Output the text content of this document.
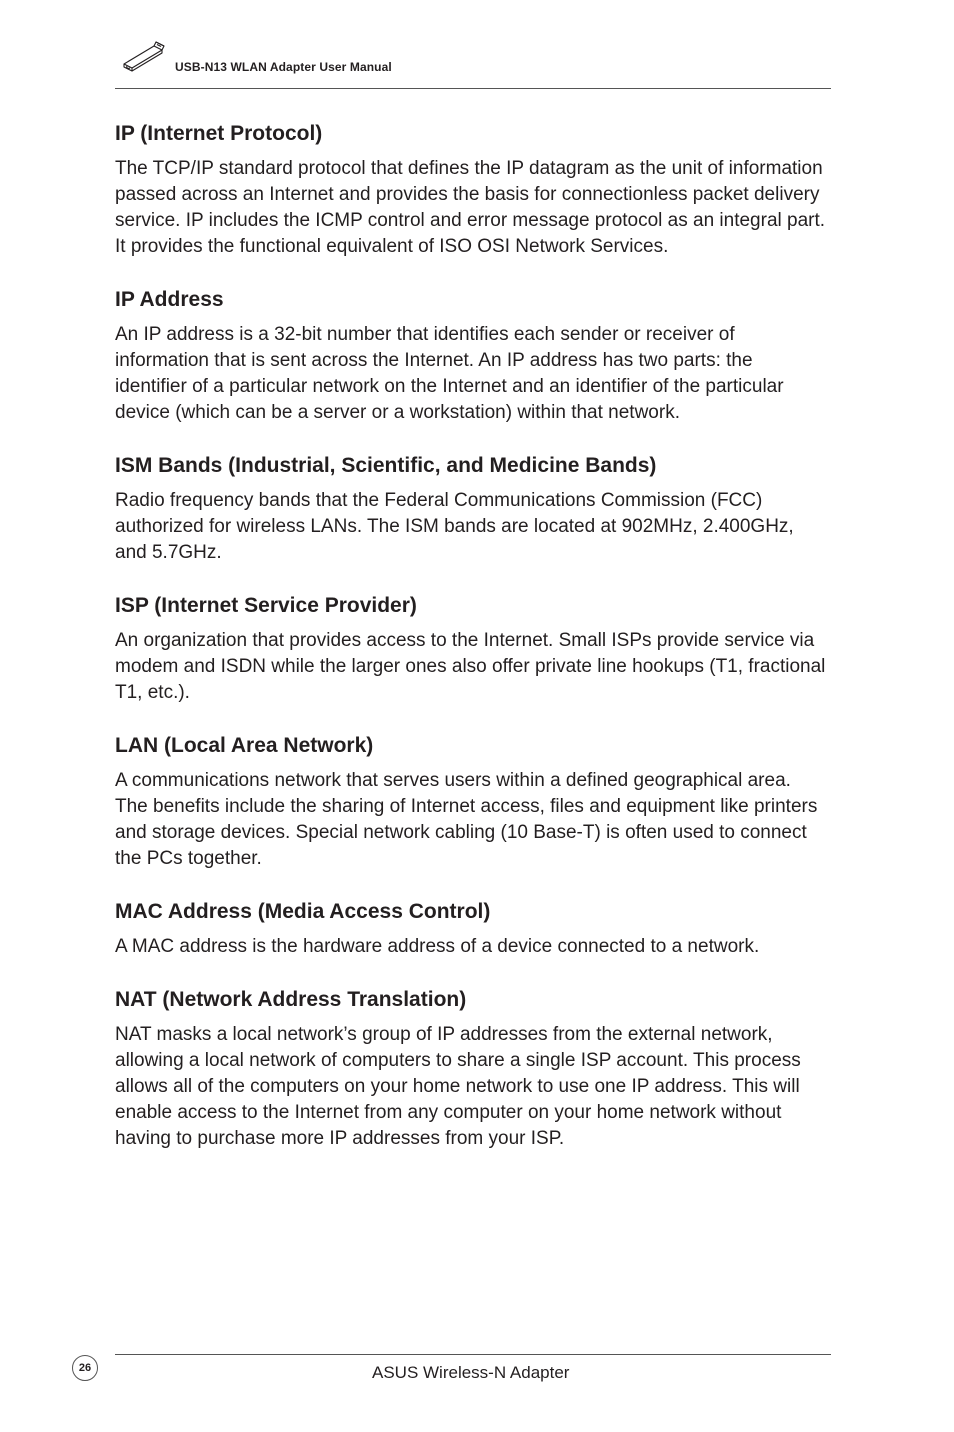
USB-N13 WLAN Adapter User Manual
IP (Internet Protocol)

The TCP/IP standard protocol that defines the IP datagram as the unit of information passed across an Internet and provides the basis for connectionless packet delivery service. IP includes the ICMP control and error message protocol as an integral part. It provides the functional equivalent of ISO OSI Network Services.

IP Address

An IP address is a 32-bit number that identifies each sender or receiver of information that is sent across the Internet. An IP address has two parts: the identifier of a particular network on the Internet and an identifier of the particular device (which can be a server or a workstation) within that network.

ISM Bands (Industrial, Scientific, and Medicine Bands)

Radio frequency bands that the Federal Communications Commission (FCC) authorized for wireless LANs. The ISM bands are located at 902MHz, 2.400GHz, and 5.7GHz.

ISP (Internet Service Provider)

An organization that provides access to the Internet. Small ISPs provide service via modem and ISDN while the larger ones also offer private line hookups (T1, fractional T1, etc.).

LAN (Local Area Network)

A communications network that serves users within a defined geographical area. The benefits include the sharing of Internet access, files and equipment like printers and storage devices. Special network cabling (10 Base-T) is often used to connect the PCs together.

MAC Address (Media Access Control)

A MAC address is the hardware address of a device connected to a network.

NAT (Network Address Translation)

NAT masks a local network’s group of IP addresses from the external network, allowing a local network of computers to share a single ISP account. This process allows all of the computers on your home network to use one IP address. This will enable access to the Internet from any computer on your home network without having to purchase more IP addresses from your ISP.

26	ASUS Wireless-N Adapter
